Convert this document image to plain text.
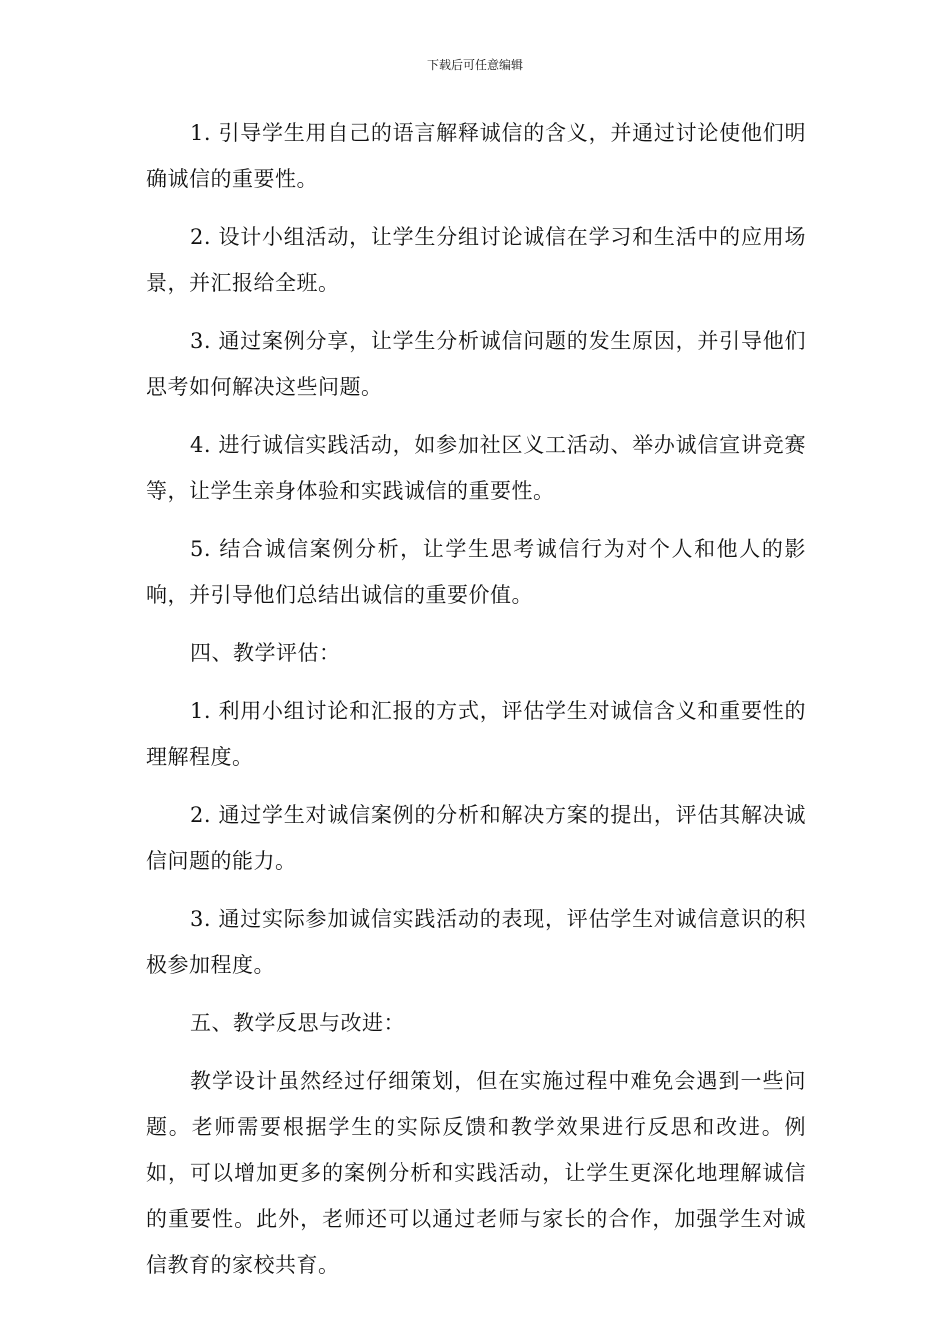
下载后可任意编辑

1. 引导学生用自己的语言解释诚信的含义，并通过讨论使他们明确诚信的重要性。

2. 设计小组活动，让学生分组讨论诚信在学习和生活中的应用场景，并汇报给全班。

3. 通过案例分享，让学生分析诚信问题的发生原因，并引导他们思考如何解决这些问题。

4. 进行诚信实践活动，如参加社区义工活动、举办诚信宣讲竞赛等，让学生亲身体验和实践诚信的重要性。

5. 结合诚信案例分析，让学生思考诚信行为对个人和他人的影响，并引导他们总结出诚信的重要价值。

四、教学评估：

1. 利用小组讨论和汇报的方式，评估学生对诚信含义和重要性的理解程度。

2. 通过学生对诚信案例的分析和解决方案的提出，评估其解决诚信问题的能力。

3. 通过实际参加诚信实践活动的表现，评估学生对诚信意识的积极参加程度。

五、教学反思与改进：

教学设计虽然经过仔细策划，但在实施过程中难免会遇到一些问题。老师需要根据学生的实际反馈和教学效果进行反思和改进。例如，可以增加更多的案例分析和实践活动，让学生更深化地理解诚信的重要性。此外，老师还可以通过老师与家长的合作，加强学生对诚信教育的家校共育。
